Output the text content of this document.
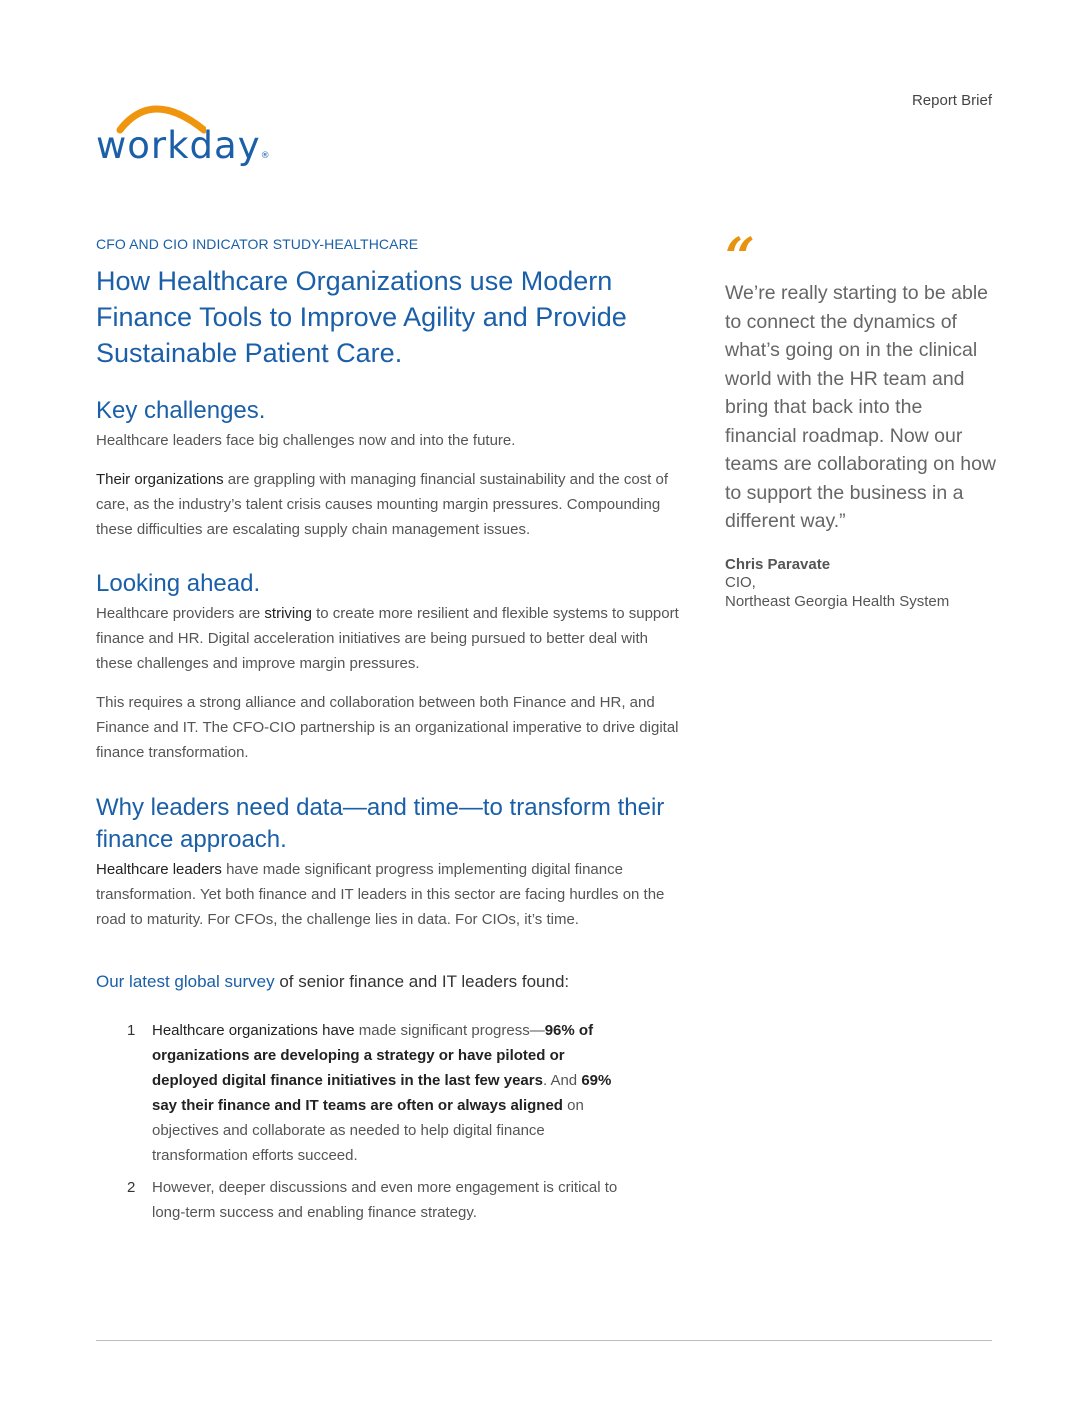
workday®
Report Brief
CFO AND CIO INDICATOR STUDY-HEALTHCARE
How Healthcare Organizations use Modern Finance Tools to Improve Agility and Provide Sustainable Patient Care.
Key challenges.

Healthcare leaders face big challenges now and into the future.

Their organizations are grappling with managing financial sustainability and the cost of care, as the industry’s talent crisis causes mounting margin pressures. Compounding these difficulties are escalating supply chain management issues.

Looking ahead.

Healthcare providers are striving to create more resilient and flexible systems to support finance and HR. Digital acceleration initiatives are being pursued to better deal with these challenges and improve margin pressures.

This requires a strong alliance and collaboration between both Finance and HR, and Finance and IT. The CFO-CIO partnership is an organizational imperative to drive digital finance transformation.

Why leaders need data—and time—to transform their finance approach.

Healthcare leaders have made significant progress implementing digital finance transformation. Yet both finance and IT leaders in this sector are facing hurdles on the road to maturity. For CFOs, the challenge lies in data. For CIOs, it’s time.

Our latest global survey of senior finance and IT leaders found:
1	Healthcare organizations have made significant progress—96% of organizations are developing a strategy or have piloted or deployed digital finance initiatives in the last few years. And 69% say their finance and IT teams are often or always aligned on objectives and collaborate as needed to help digital finance transformation efforts succeed.
2	However, deeper discussions and even more engagement is critical to long-term success and enabling finance strategy.
“
We’re really starting to be able to connect the dynamics of what’s going on in the clinical world with the HR team and bring that back into the financial roadmap. Now our teams are collaborating on how to support the business in a different way.”
Chris Paravate
CIO,
Northeast Georgia Health System
